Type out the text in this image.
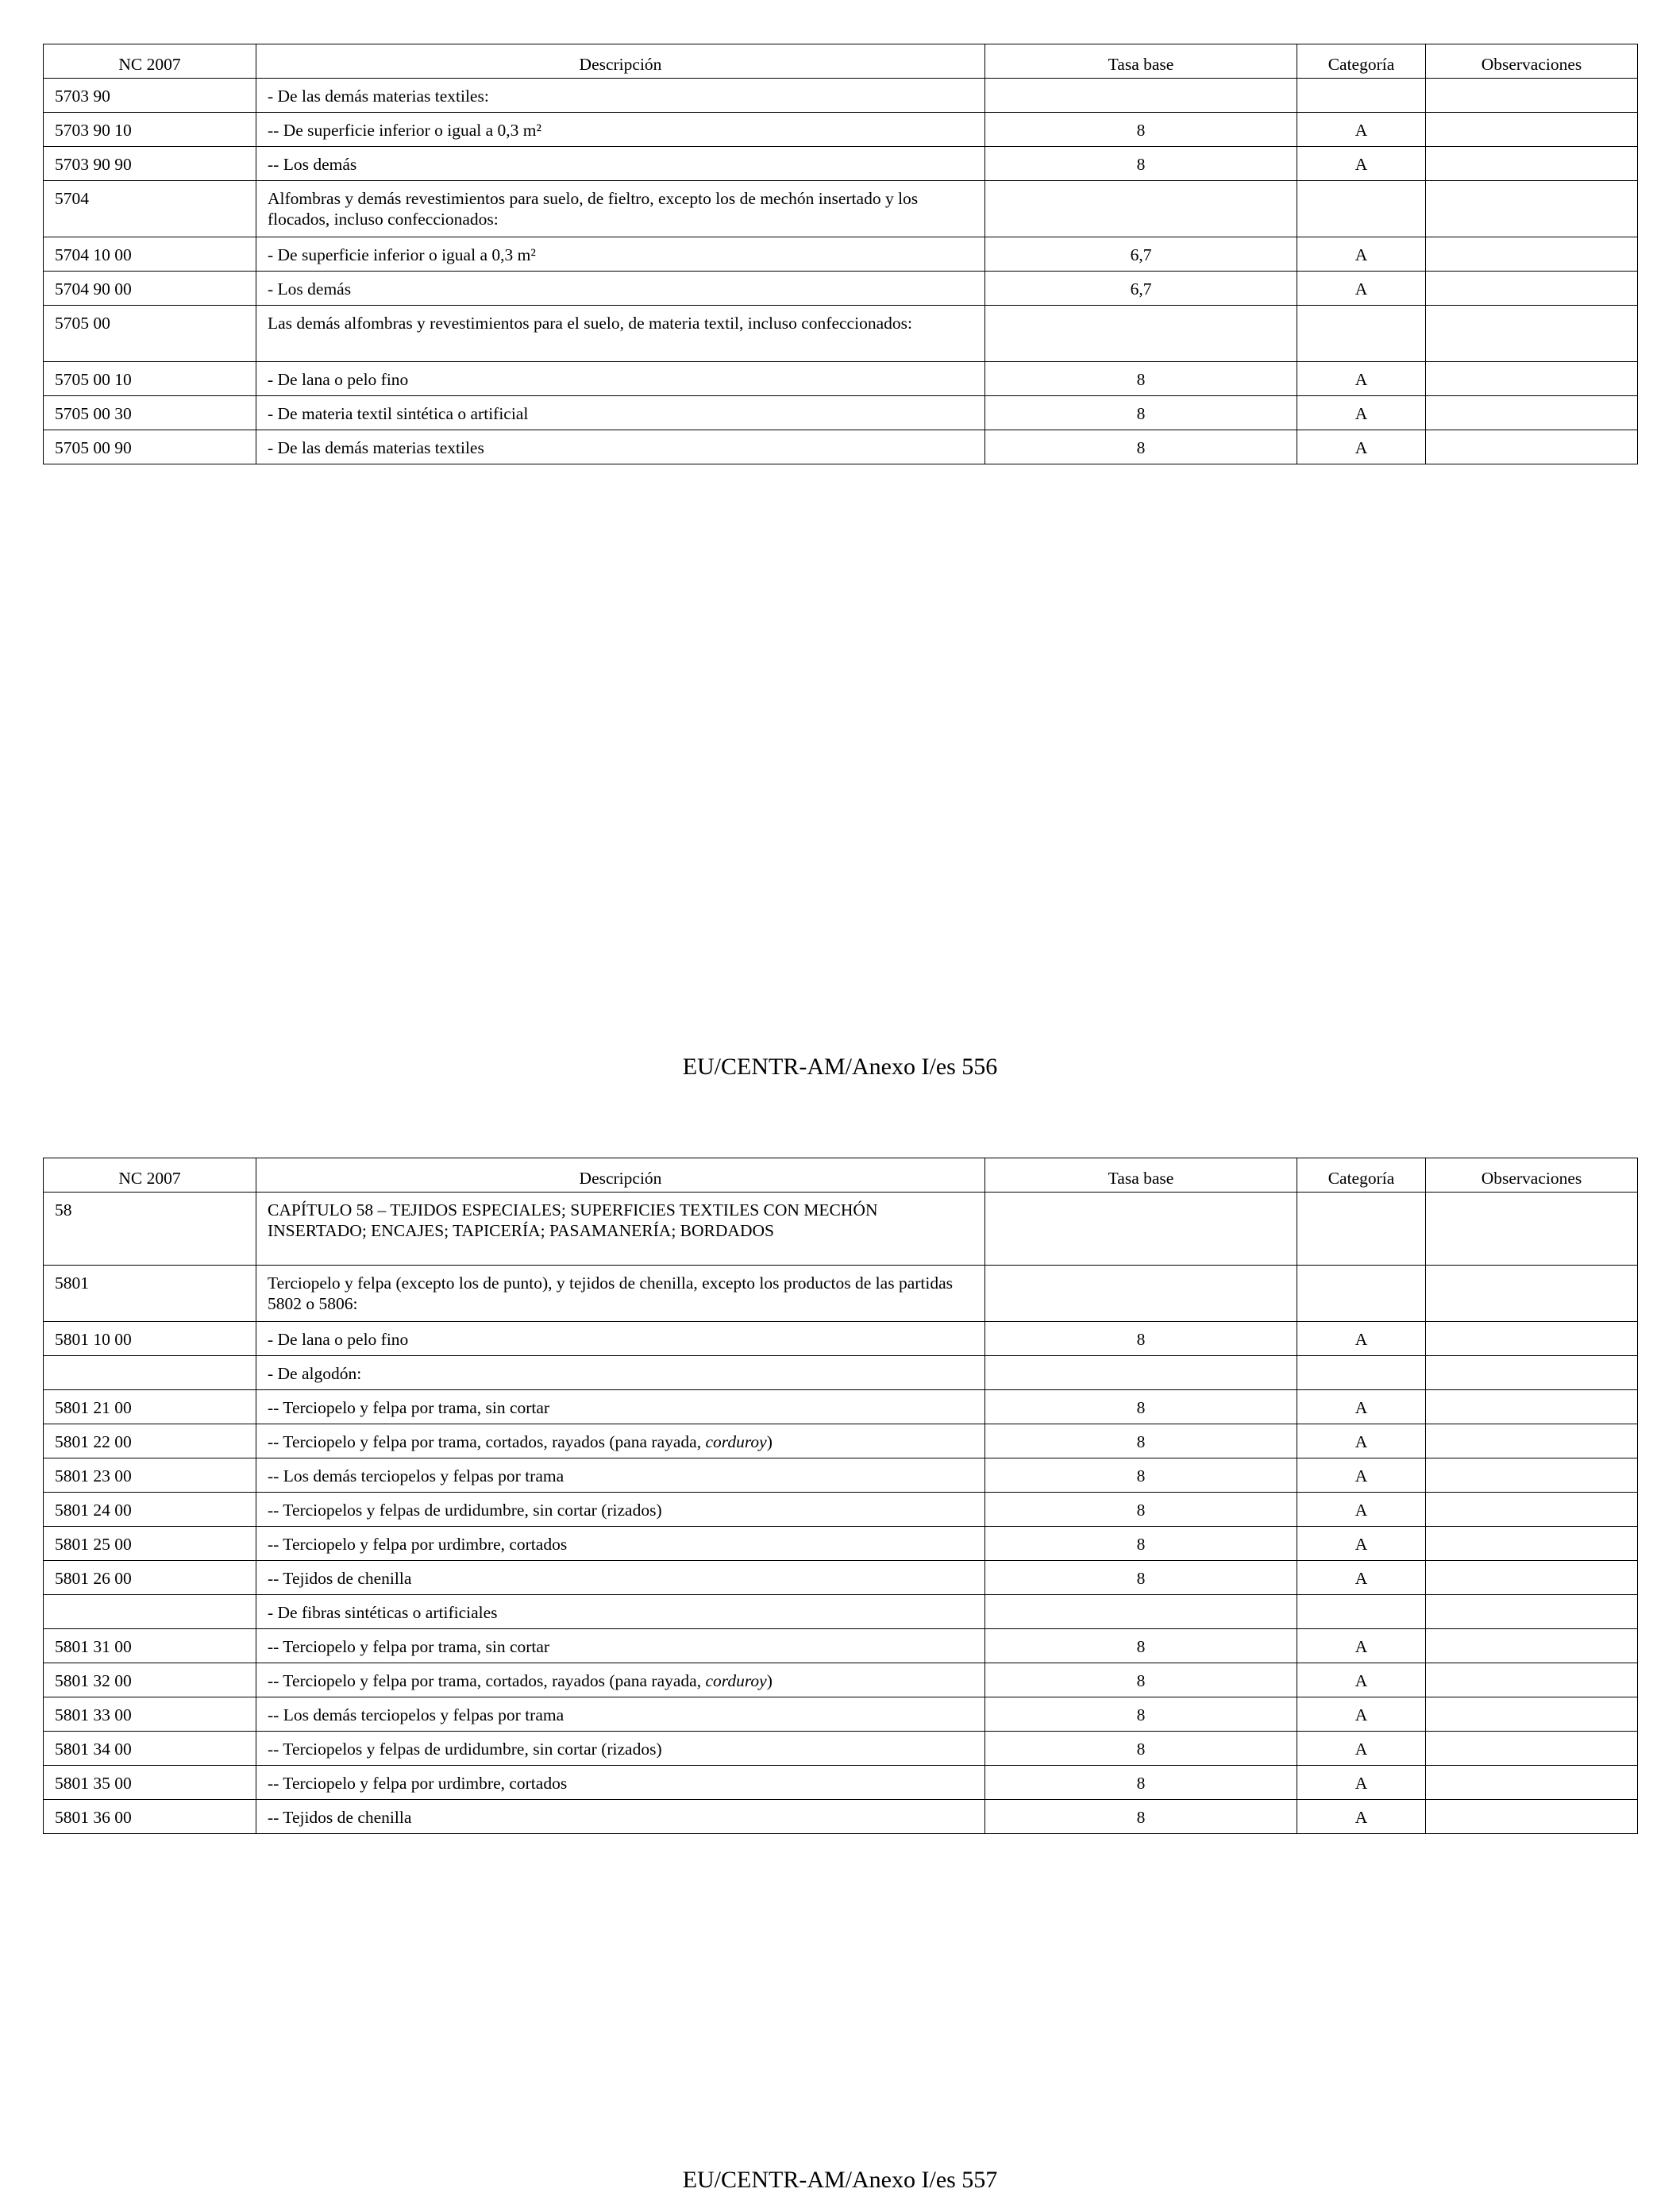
NC 2007	Descripción	Tasa base	Categoría	Observaciones
5703 90	- De las demás materias textiles:			
5703 90 10	-- De superficie inferior o igual a 0,3 m²	8	A	
5703 90 90	-- Los demás	8	A	
5704	Alfombras y demás revestimientos para suelo, de fieltro, excepto los de mechón insertado y los flocados, incluso confeccionados:			
5704 10 00	- De superficie inferior o igual a 0,3 m²	6,7	A	
5704 90 00	- Los demás	6,7	A	
5705 00	Las demás alfombras y revestimientos para el suelo, de materia textil, incluso confeccionados:			
5705 00 10	- De lana o pelo fino	8	A	
5705 00 30	- De materia textil sintética o artificial	8	A	
5705 00 90	- De las demás materias textiles	8	A	
EU/CENTR-AM/Anexo I/es 556
NC 2007	Descripción	Tasa base	Categoría	Observaciones
58	CAPÍTULO 58 – TEJIDOS ESPECIALES; SUPERFICIES TEXTILES CON MECHÓN INSERTADO; ENCAJES; TAPICERÍA; PASAMANERÍA; BORDADOS			
5801	Terciopelo y felpa (excepto los de punto), y tejidos de chenilla, excepto los productos de las partidas 5802 o 5806:			
5801 10 00	- De lana o pelo fino	8	A	
	- De algodón:			
5801 21 00	-- Terciopelo y felpa por trama, sin cortar	8	A	
5801 22 00	-- Terciopelo y felpa por trama, cortados, rayados (pana rayada, corduroy)	8	A	
5801 23 00	-- Los demás terciopelos y felpas por trama	8	A	
5801 24 00	-- Terciopelos y felpas de urdidumbre, sin cortar (rizados)	8	A	
5801 25 00	-- Terciopelo y felpa por urdimbre, cortados	8	A	
5801 26 00	-- Tejidos de chenilla	8	A	
	- De fibras sintéticas o artificiales			
5801 31 00	-- Terciopelo y felpa por trama, sin cortar	8	A	
5801 32 00	-- Terciopelo y felpa por trama, cortados, rayados (pana rayada, corduroy)	8	A	
5801 33 00	-- Los demás terciopelos y felpas por trama	8	A	
5801 34 00	-- Terciopelos y felpas de urdidumbre, sin cortar (rizados)	8	A	
5801 35 00	-- Terciopelo y felpa por urdimbre, cortados	8	A	
5801 36 00	-- Tejidos de chenilla	8	A	
EU/CENTR-AM/Anexo I/es 557
